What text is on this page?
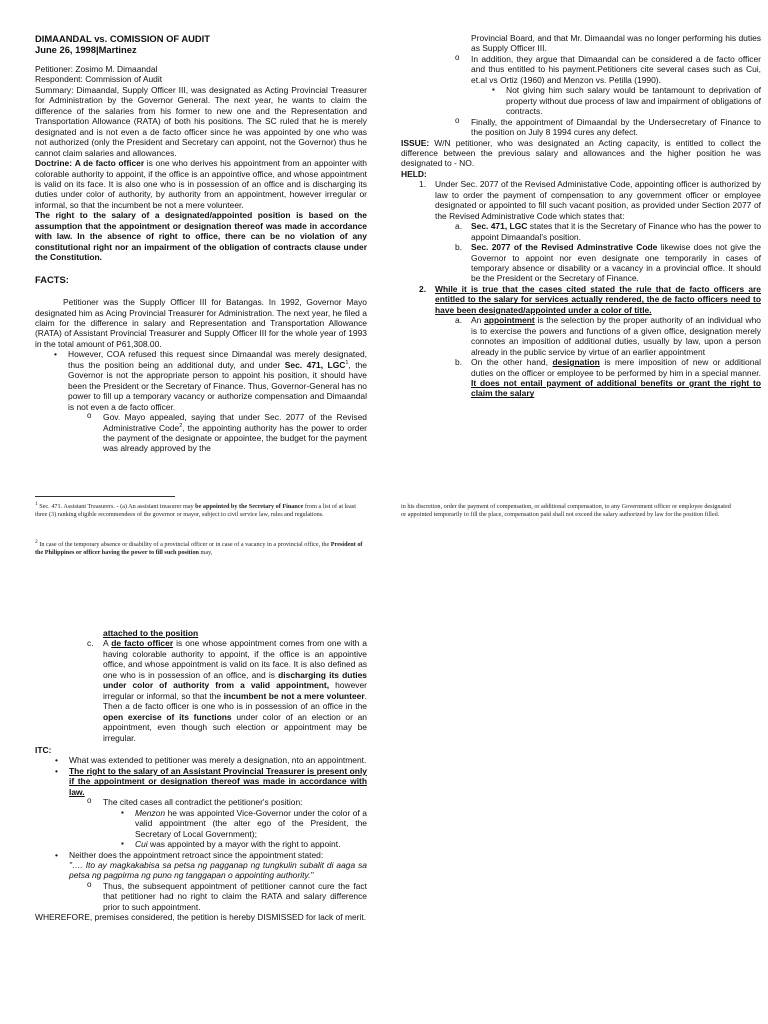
DIMAANDAL vs. COMISSION OF AUDIT

June 26, 1998|Martinez

Petitioner: Zosimo M. Dimaandal

Respondent: Commission of Audit

Summary: Dimaandal, Supply Officer III, was designated as Acting Provincial Treasurer for Administration by the Governor General. The next year, he wants to claim the difference of the salaries from his former to new one and the Representation and Transportation Allowance (RATA) of both his positions. The SC ruled that he is merely designated and is not even a de facto officer since he was appointed by one who was not authorized (only the President and Secretary can appoint, not the Governor) thus he cannot claim salaries and allowances.

Doctrine: A de facto officer is one who derives his appointment from an appointer with colorable authority to appoint, if the office is an appointive office, and whose appointment is valid on its face. It is also one who is in possession of an office and is discharging its duties under color of authority, by authority from an appointment, however irregular or informal, so that the incumbent be not a mere volunteer.

The right to the salary of a designated/appointed position is based on the assumption that the appointment or designation thereof was made in accordance with law. In the absence of right to office, there can be no violation of any constitutional right nor an impairment of the obligation of contracts clause under the Constitution.

FACTS:

Petitioner was the Supply Officer III for Batangas. In 1992, Governor Mayo designated him as Acing Provincial Treasurer for Administration. The next year, he filed a claim for the difference in salary and Representation and Transportation Allowance (RATA) of Assistant Provincial Treasurer and Supply Officer III for the whole year of 1993 in the total amount of P61,308.00.

• However, COA refused this request since Dimaandal was merely designated, thus the position being an additional duty, and under Sec. 471, LGC$^1$, the Governor is not the appropriate person to appoint his position, it should have been the President or the Secretary of Finance. Thus, Governor-General has no power to fill up a temporary vacancy or authorize compensation and Dimaandal is not even a de facto officer.
o Gov. Mayo appealed, saying that under Sec. 2077 of the Revised Administrative Code$^2$, the appointing authority has the power to order the payment of the designate or appointee, the budget for the payment was already approved by the
Provincial Board, and that Mr. Dimaandal was no longer performing his duties as Supply Officer III.
o In addition, they argue that Dimaandal can be considered a de facto officer and thus entitled to his payment.Petitioners cite several cases such as Cui, et.al vs Ortiz (1960) and Menzon vs. Petilla (1990).
▪ Not giving him such salary would be tantamount to deprivation of property without due process of law and impairment of obligations of contracts.
o Finally, the appointment of Dimaandal by the Undersecretary of Finance to the position on July 8 1994 cures any defect.

ISSUE: W/N petitioner, who was designated an Acting capacity, is entitled to collect the difference between the previous salary and allowances and the higher position he was designated to - NO.

HELD:

1. Under Sec. 2077 of the Revised Administative Code, appointing officer is authorized by law to order the payment of compensation to any government officer or employee designated or appointed to fill such vacant position, as provided under Section 2077 of the Revised Administrative Code which states that:
a. Sec. 471, LGC states that it is the Secretary of Finance who has the power to appoint Dimaandal's position.
b. Sec. 2077 of the Revised Adminstrative Code likewise does not give the Governor to appoint nor even designate one temporarily in cases of temporary absence or disability or a vacancy in a provincial office. It should be the President or the Secretary of Finance.
2. While it is true that the cases cited stated the rule that de facto officers are entitled to the salary for services actually rendered, the de facto officers need to have been designated/appointed under a color of title.
a. An appointment is the selection by the proper authority of an individual who is to exercise the powers and functions of a given office, designation merely connotes an imposition of additional duties, usually by law, upon a person already in the public service by virtue of an earlier appointment
b. On the other hand, designation is mere imposition of new or additional duties on the officer or employee to be performed by him in a special manner. It does not entail payment of additional benefits or grant the right to claim the salary
$^1$ Sec. 471. Assistant Treasurers. - (a) An assistant treasurer may be appointed by the Secretary of Finance from a list of at least three (3) ranking eligible recommendees of the governor or mayor, subject to civil service law, rules and regulations.
$^2$ In case of the temporary absence or disability of a provincial officer or in case of a vacancy in a provincial office, the President of the Philippines or officer having the power to fill such position may,
in his discretion, order the payment of compensation, or additional compensation, to any Government officer or employee designated or appointed temporarily to fill the place, compensation paid shall not exceed the salary authorized by law for the position filled.
attached to the position
c. A de facto officer is one whose appointment comes from one with a having colorable authority to appoint, if the office is an appointive office, and whose appointment is valid on its face. It is also defined as one who is in possession of an office, and is discharging its duties under color of authority from a valid appointment, however irregular or informal, so that the incumbent be not a mere volunteer. Then a de facto officer is one who is in possession of an office in the open exercise of its functions under color of an election or an appointment, even though such election or appointment may be irregular.

ITC:

• What was extended to petitioner was merely a designation, nto an appointment.
• The right to the salary of an Assistant Provincial Treasurer is present only if the appointment or designation thereof was made in accordance with law.
o The cited cases all contradict the petitioner's position:
▪ Menzon he was appointed Vice-Governor under the color of a valid appointment (the alter ego of the President, the Secretary of Local Government);
▪ Cui was appointed by a mayor with the right to appoint.
• Neither does the appointment retroact since the appointment stated:
"…. Ito ay magkakabisa sa petsa ng pagganap ng tungkulin subalit di aaga sa petsa ng pagpirma ng puno ng tanggapan o appointing authority."
o Thus, the subsequent appointment of petitioner cannot cure the fact that petitioner had no right to claim the RATA and salary difference prior to such appointment.

WHEREFORE, premises considered, the petition is hereby DISMISSED for lack of merit.
